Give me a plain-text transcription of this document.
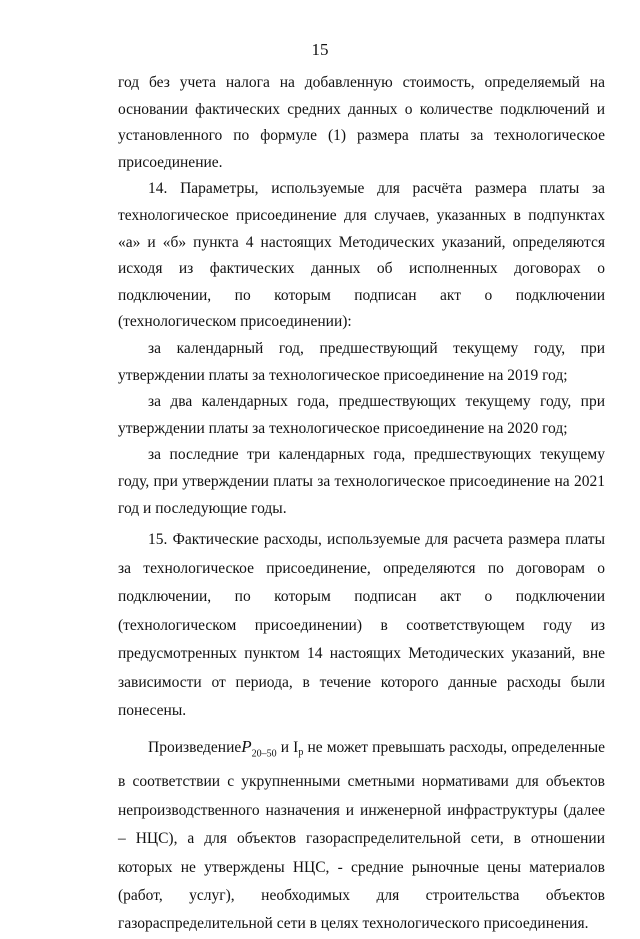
15

год без учета налога на добавленную стоимость, определяемый на основании фактических средних данных о количестве подключений и установленного по формуле (1) размера платы за технологическое присоединение.

14. Параметры, используемые для расчёта размера платы за технологическое присоединение для случаев, указанных в подпунктах «а» и «б» пункта 4 настоящих Методических указаний, определяются исходя из фактических данных об исполненных договорах о подключении, по которым подписан акт о подключении (технологическом присоединении):

за календарный год, предшествующий текущему году, при утверждении платы за технологическое присоединение на 2019 год;

за два календарных года, предшествующих текущему году, при утверждении платы за технологическое присоединение на 2020 год;

за последние три календарных года, предшествующих текущему году, при утверждении платы за технологическое присоединение на 2021 год и последующие годы.

15. Фактические расходы, используемые для расчета размера платы за технологическое присоединение, определяются по договорам о подключении, по которым подписан акт о подключении (технологическом присоединении) в соответствующем году из предусмотренных пунктом 14 настоящих Методических указаний, вне зависимости от периода, в течение которого данные расходы были понесены.

ПроизведениеP$_{20-50}$ и $I_р$ не может превышать расходы, определенные в соответствии с укрупненными сметными нормативами для объектов непроизводственного назначения и инженерной инфраструктуры (далее – НЦС), а для объектов газораспределительной сети, в отношении которых не утверждены НЦС, - средние рыночные цены материалов (работ, услуг), необходимых для строительства объектов газораспределительной сети в целях технологического присоединения.
